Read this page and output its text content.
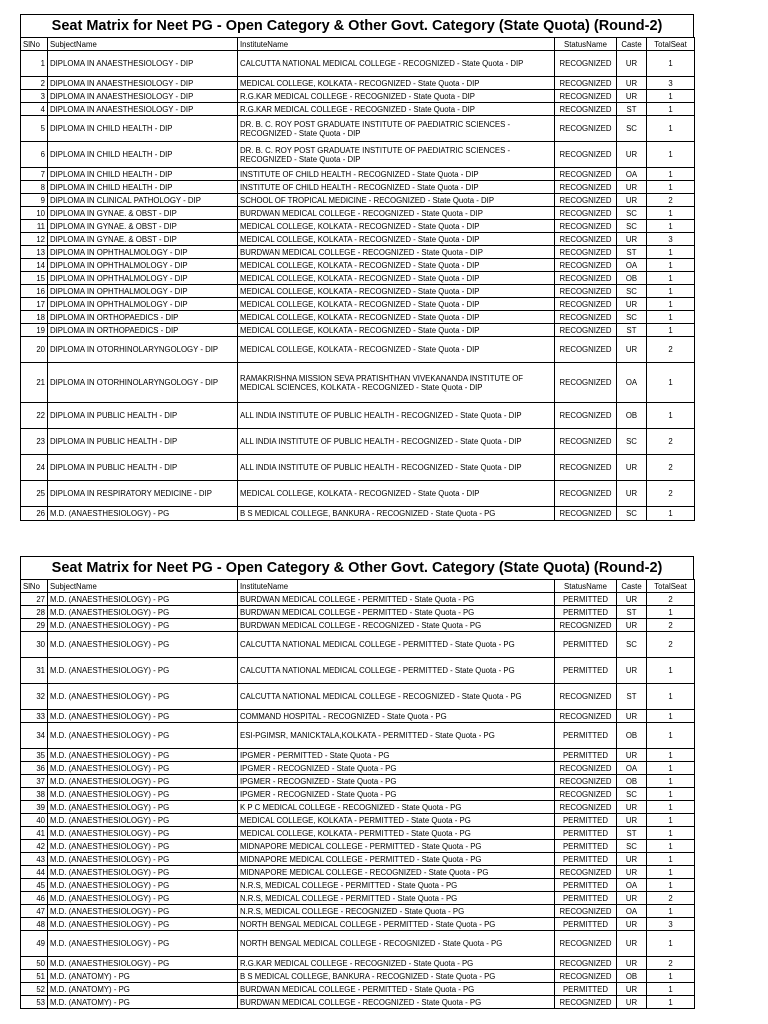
Seat Matrix for Neet PG - Open Category & Other Govt. Category (State Quota) (Round-2)
SlNo	SubjectName	InstituteName	StatusName	Caste	TotalSeat
1	DIPLOMA IN ANAESTHESIOLOGY - DIP	CALCUTTA NATIONAL MEDICAL COLLEGE - RECOGNIZED - State Quota - DIP	RECOGNIZED	UR	1
2	DIPLOMA IN ANAESTHESIOLOGY - DIP	MEDICAL COLLEGE, KOLKATA - RECOGNIZED - State Quota - DIP	RECOGNIZED	UR	3
3	DIPLOMA IN ANAESTHESIOLOGY - DIP	R.G.KAR MEDICAL COLLEGE - RECOGNIZED - State Quota - DIP	RECOGNIZED	UR	1
4	DIPLOMA IN ANAESTHESIOLOGY - DIP	R.G.KAR MEDICAL COLLEGE - RECOGNIZED - State Quota - DIP	RECOGNIZED	ST	1
5	DIPLOMA IN CHILD HEALTH - DIP	DR. B. C. ROY POST GRADUATE INSTITUTE OF PAEDIATRIC SCIENCES - RECOGNIZED - State Quota - DIP	RECOGNIZED	SC	1
6	DIPLOMA IN CHILD HEALTH - DIP	DR. B. C. ROY POST GRADUATE INSTITUTE OF PAEDIATRIC SCIENCES - RECOGNIZED - State Quota - DIP	RECOGNIZED	UR	1
7	DIPLOMA IN CHILD HEALTH - DIP	INSTITUTE OF CHILD HEALTH - RECOGNIZED - State Quota - DIP	RECOGNIZED	OA	1
8	DIPLOMA IN CHILD HEALTH - DIP	INSTITUTE OF CHILD HEALTH - RECOGNIZED - State Quota - DIP	RECOGNIZED	UR	1
9	DIPLOMA IN CLINICAL PATHOLOGY - DIP	SCHOOL OF TROPICAL MEDICINE - RECOGNIZED - State Quota - DIP	RECOGNIZED	UR	2
10	DIPLOMA IN GYNAE. & OBST - DIP	BURDWAN MEDICAL COLLEGE - RECOGNIZED - State Quota - DIP	RECOGNIZED	SC	1
11	DIPLOMA IN GYNAE. & OBST - DIP	MEDICAL COLLEGE, KOLKATA - RECOGNIZED - State Quota - DIP	RECOGNIZED	SC	1
12	DIPLOMA IN GYNAE. & OBST - DIP	MEDICAL COLLEGE, KOLKATA - RECOGNIZED - State Quota - DIP	RECOGNIZED	UR	3
13	DIPLOMA IN OPHTHALMOLOGY - DIP	BURDWAN MEDICAL COLLEGE - RECOGNIZED - State Quota - DIP	RECOGNIZED	ST	1
14	DIPLOMA IN OPHTHALMOLOGY - DIP	MEDICAL COLLEGE, KOLKATA - RECOGNIZED - State Quota - DIP	RECOGNIZED	OA	1
15	DIPLOMA IN OPHTHALMOLOGY - DIP	MEDICAL COLLEGE, KOLKATA - RECOGNIZED - State Quota - DIP	RECOGNIZED	OB	1
16	DIPLOMA IN OPHTHALMOLOGY - DIP	MEDICAL COLLEGE, KOLKATA - RECOGNIZED - State Quota - DIP	RECOGNIZED	SC	1
17	DIPLOMA IN OPHTHALMOLOGY - DIP	MEDICAL COLLEGE, KOLKATA - RECOGNIZED - State Quota - DIP	RECOGNIZED	UR	1
18	DIPLOMA IN ORTHOPAEDICS - DIP	MEDICAL COLLEGE, KOLKATA - RECOGNIZED - State Quota - DIP	RECOGNIZED	SC	1
19	DIPLOMA IN ORTHOPAEDICS - DIP	MEDICAL COLLEGE, KOLKATA - RECOGNIZED - State Quota - DIP	RECOGNIZED	ST	1
20	DIPLOMA IN OTORHINOLARYNGOLOGY - DIP	MEDICAL COLLEGE, KOLKATA - RECOGNIZED - State Quota - DIP	RECOGNIZED	UR	2
21	DIPLOMA IN OTORHINOLARYNGOLOGY - DIP	RAMAKRISHNA MISSION SEVA PRATISHTHAN VIVEKANANDA INSTITUTE OF MEDICAL SCIENCES, KOLKATA - RECOGNIZED - State Quota - DIP	RECOGNIZED	OA	1
22	DIPLOMA IN PUBLIC HEALTH - DIP	ALL INDIA INSTITUTE OF PUBLIC HEALTH - RECOGNIZED - State Quota - DIP	RECOGNIZED	OB	1
23	DIPLOMA IN PUBLIC HEALTH - DIP	ALL INDIA INSTITUTE OF PUBLIC HEALTH - RECOGNIZED - State Quota - DIP	RECOGNIZED	SC	2
24	DIPLOMA IN PUBLIC HEALTH - DIP	ALL INDIA INSTITUTE OF PUBLIC HEALTH - RECOGNIZED - State Quota - DIP	RECOGNIZED	UR	2
25	DIPLOMA IN RESPIRATORY MEDICINE - DIP	MEDICAL COLLEGE, KOLKATA - RECOGNIZED - State Quota - DIP	RECOGNIZED	UR	2
26	M.D. (ANAESTHESIOLOGY) - PG	B S MEDICAL COLLEGE, BANKURA - RECOGNIZED - State Quota - PG	RECOGNIZED	SC	1
Seat Matrix for Neet PG - Open Category & Other Govt. Category (State Quota) (Round-2)
SlNo	SubjectName	InstituteName	StatusName	Caste	TotalSeat
27	M.D. (ANAESTHESIOLOGY) - PG	BURDWAN MEDICAL COLLEGE - PERMITTED - State Quota - PG	PERMITTED	UR	2
28	M.D. (ANAESTHESIOLOGY) - PG	BURDWAN MEDICAL COLLEGE - PERMITTED - State Quota - PG	PERMITTED	ST	1
29	M.D. (ANAESTHESIOLOGY) - PG	BURDWAN MEDICAL COLLEGE - RECOGNIZED - State Quota - PG	RECOGNIZED	UR	2
30	M.D. (ANAESTHESIOLOGY) - PG	CALCUTTA NATIONAL MEDICAL COLLEGE - PERMITTED - State Quota - PG	PERMITTED	SC	2
31	M.D. (ANAESTHESIOLOGY) - PG	CALCUTTA NATIONAL MEDICAL COLLEGE - PERMITTED - State Quota - PG	PERMITTED	UR	1
32	M.D. (ANAESTHESIOLOGY) - PG	CALCUTTA NATIONAL MEDICAL COLLEGE - RECOGNIZED - State Quota - PG	RECOGNIZED	ST	1
33	M.D. (ANAESTHESIOLOGY) - PG	COMMAND HOSPITAL - RECOGNIZED - State Quota - PG	RECOGNIZED	UR	1
34	M.D. (ANAESTHESIOLOGY) - PG	ESI-PGIMSR, MANICKTALA,KOLKATA - PERMITTED - State Quota - PG	PERMITTED	OB	1
35	M.D. (ANAESTHESIOLOGY) - PG	IPGMER - PERMITTED - State Quota - PG	PERMITTED	UR	1
36	M.D. (ANAESTHESIOLOGY) - PG	IPGMER - RECOGNIZED - State Quota - PG	RECOGNIZED	OA	1
37	M.D. (ANAESTHESIOLOGY) - PG	IPGMER - RECOGNIZED - State Quota - PG	RECOGNIZED	OB	1
38	M.D. (ANAESTHESIOLOGY) - PG	IPGMER - RECOGNIZED - State Quota - PG	RECOGNIZED	SC	1
39	M.D. (ANAESTHESIOLOGY) - PG	K P C MEDICAL COLLEGE - RECOGNIZED - State Quota - PG	RECOGNIZED	UR	1
40	M.D. (ANAESTHESIOLOGY) - PG	MEDICAL COLLEGE, KOLKATA - PERMITTED - State Quota - PG	PERMITTED	UR	1
41	M.D. (ANAESTHESIOLOGY) - PG	MEDICAL COLLEGE, KOLKATA - PERMITTED - State Quota - PG	PERMITTED	ST	1
42	M.D. (ANAESTHESIOLOGY) - PG	MIDNAPORE MEDICAL COLLEGE - PERMITTED - State Quota - PG	PERMITTED	SC	1
43	M.D. (ANAESTHESIOLOGY) - PG	MIDNAPORE MEDICAL COLLEGE - PERMITTED - State Quota - PG	PERMITTED	UR	1
44	M.D. (ANAESTHESIOLOGY) - PG	MIDNAPORE MEDICAL COLLEGE - RECOGNIZED - State Quota - PG	RECOGNIZED	UR	1
45	M.D. (ANAESTHESIOLOGY) - PG	N.R.S, MEDICAL COLLEGE - PERMITTED - State Quota - PG	PERMITTED	OA	1
46	M.D. (ANAESTHESIOLOGY) - PG	N.R.S, MEDICAL COLLEGE - PERMITTED - State Quota - PG	PERMITTED	UR	2
47	M.D. (ANAESTHESIOLOGY) - PG	N.R.S, MEDICAL COLLEGE - RECOGNIZED - State Quota - PG	RECOGNIZED	OA	1
48	M.D. (ANAESTHESIOLOGY) - PG	NORTH BENGAL MEDICAL COLLEGE - PERMITTED - State Quota - PG	PERMITTED	UR	3
49	M.D. (ANAESTHESIOLOGY) - PG	NORTH BENGAL MEDICAL COLLEGE - RECOGNIZED - State Quota - PG	RECOGNIZED	UR	1
50	M.D. (ANAESTHESIOLOGY) - PG	R.G.KAR MEDICAL COLLEGE - RECOGNIZED - State Quota - PG	RECOGNIZED	UR	2
51	M.D. (ANATOMY) - PG	B S MEDICAL COLLEGE, BANKURA - RECOGNIZED - State Quota - PG	RECOGNIZED	OB	1
52	M.D. (ANATOMY) - PG	BURDWAN MEDICAL COLLEGE - PERMITTED - State Quota - PG	PERMITTED	UR	1
53	M.D. (ANATOMY) - PG	BURDWAN MEDICAL COLLEGE - RECOGNIZED - State Quota - PG	RECOGNIZED	UR	1
